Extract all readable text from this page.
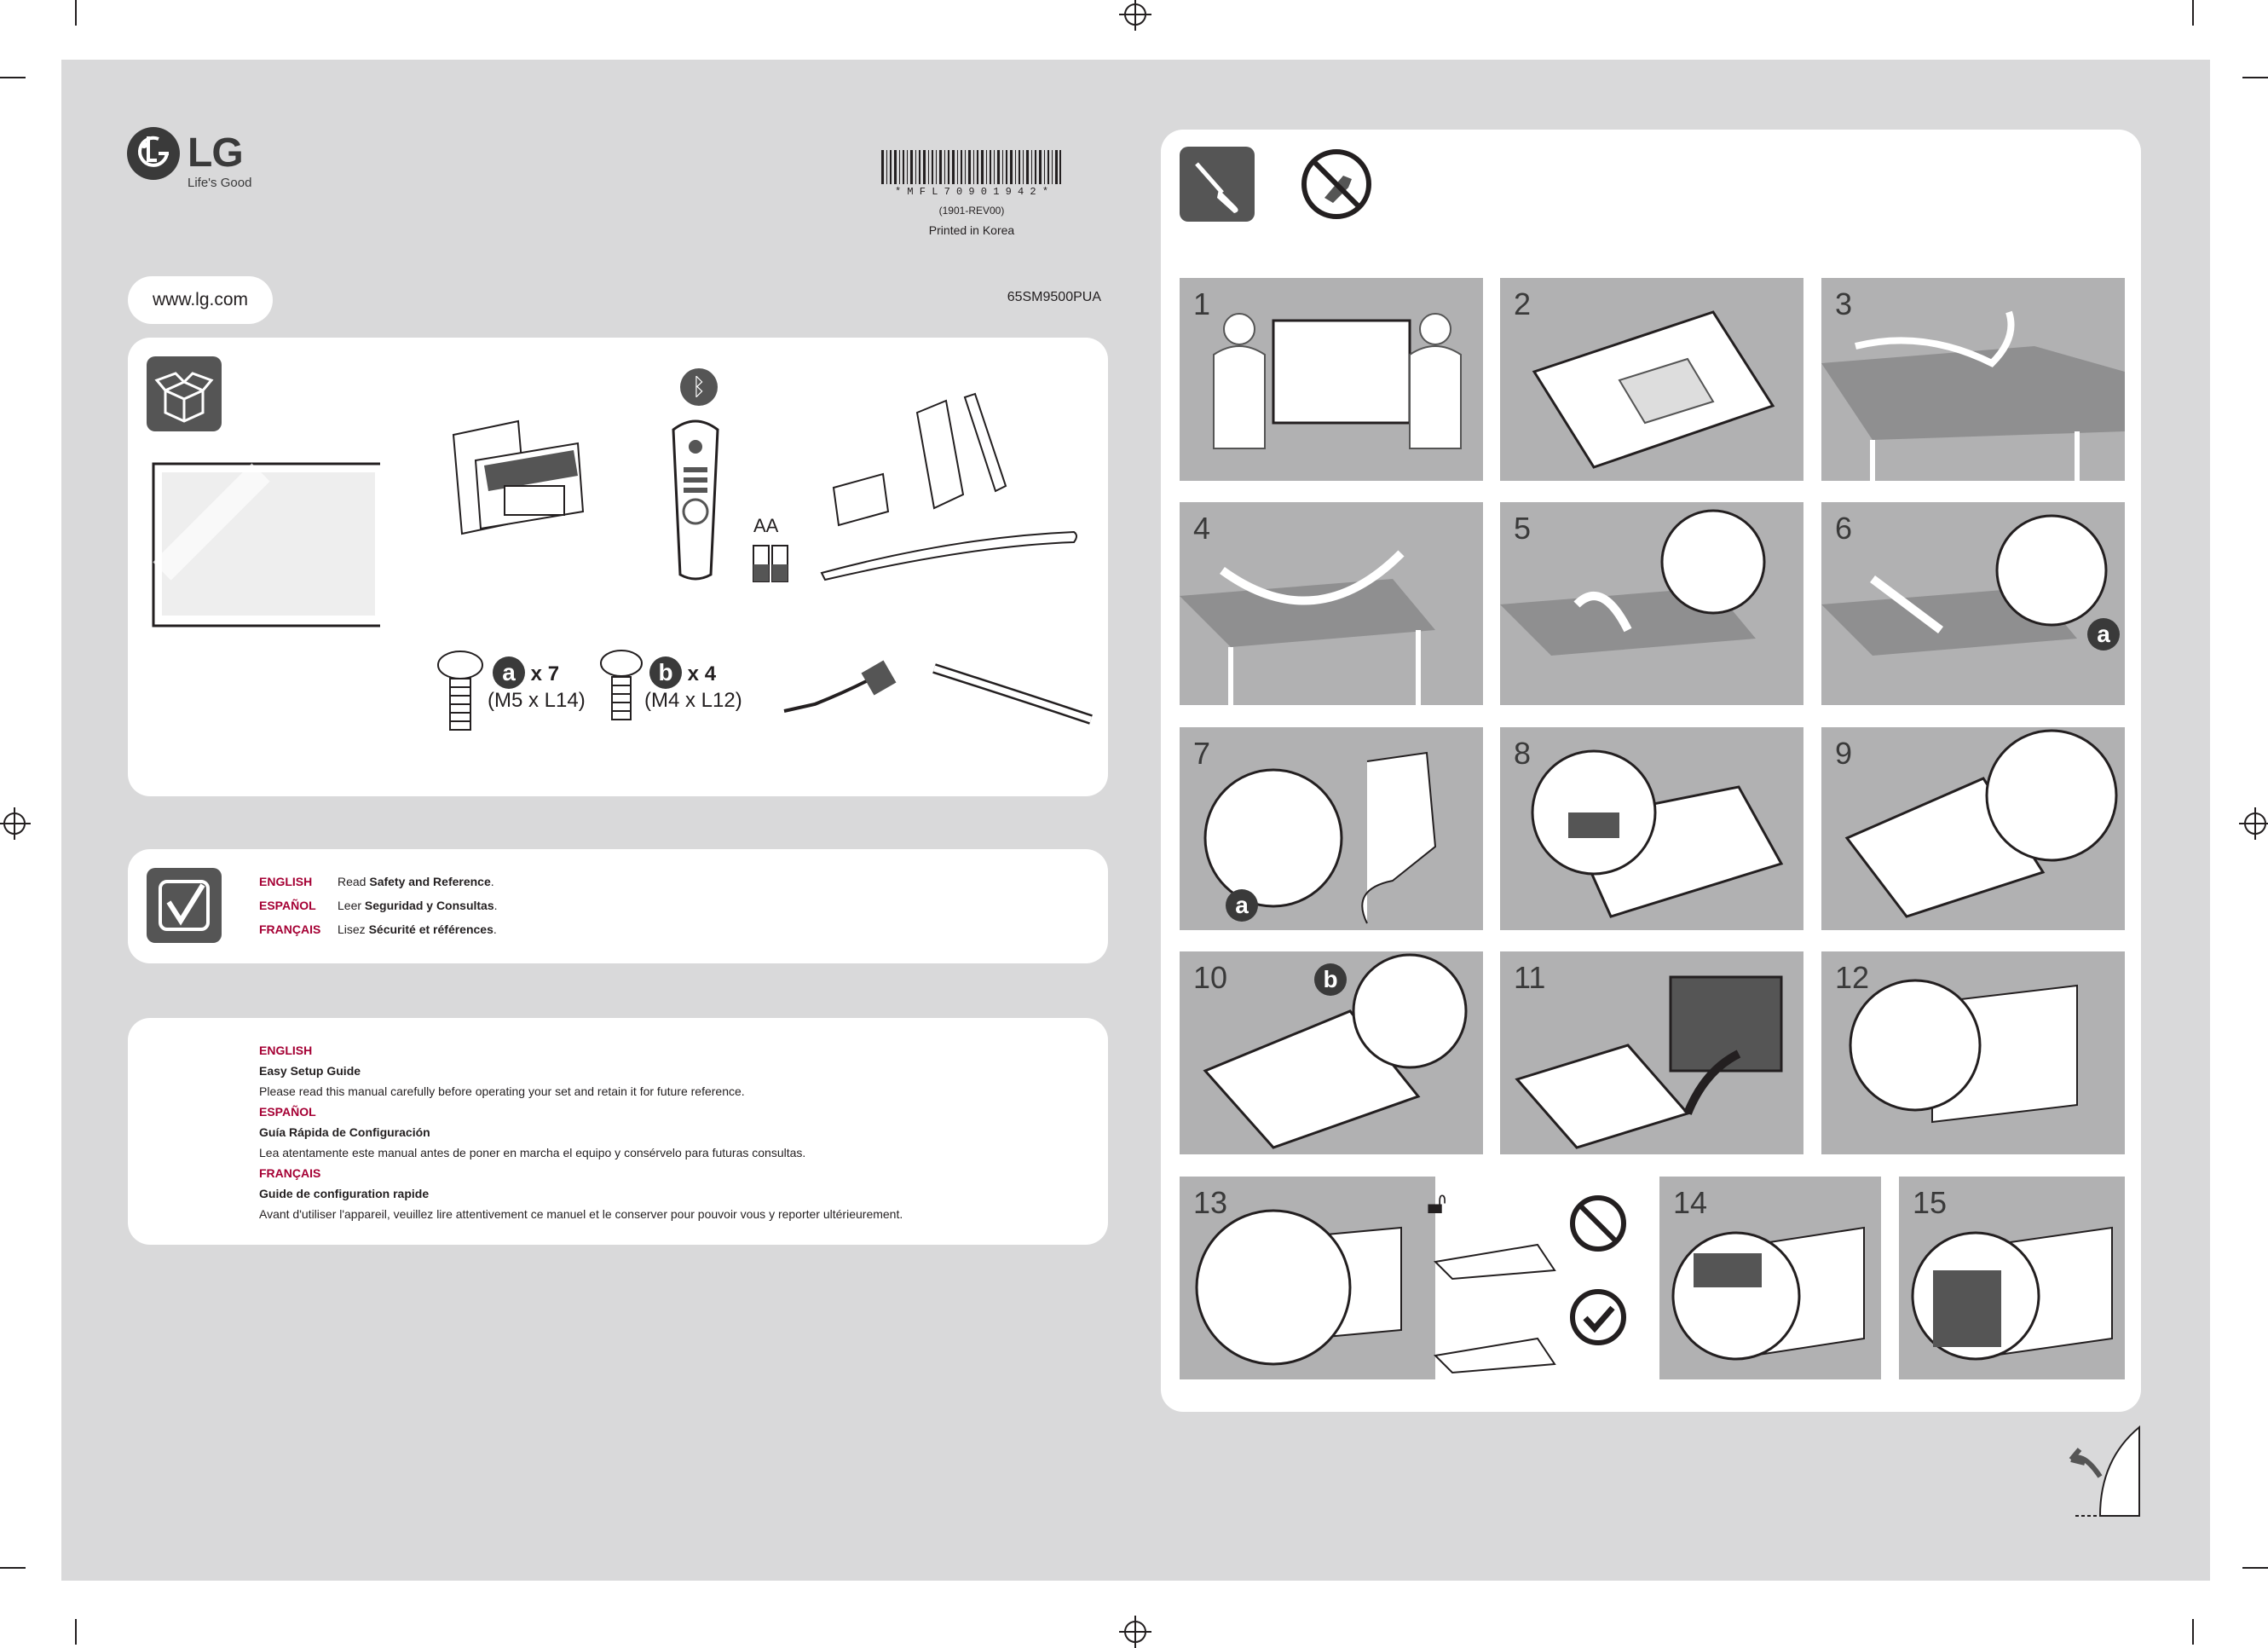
LG
Life's Good
* M F L 7 0 9 0 1 9 4 2 *
(1901-REV00)
Printed in Korea
www.lg.com	65SM9500PUA
ᛒ
AA
a x 7
(M5 x L14)
b x 4
(M4 x L12)
ENGLISH	Read Safety and Reference.
ESPAÑOL	Leer Seguridad y Consultas.
FRANÇAIS	Lisez Sécurité et références.

ENGLISH

Easy Setup Guide

Please read this manual carefully before operating your set and retain it for future reference.

ESPAÑOL

Guía Rápida de Configuración

Lea atentamente este manual antes de poner en marcha el equipo y consérvelo para futuras consultas.

FRANÇAIS

Guide de configuration rapide

Avant d'utiliser l'appareil, veuillez lire attentivement ce manuel et le conserver pour pouvoir vous y reporter ultérieurement.

1	2	3
4	5	6
a
7
a
8	9
10	b	11	12
13	🔓︎	14	15
